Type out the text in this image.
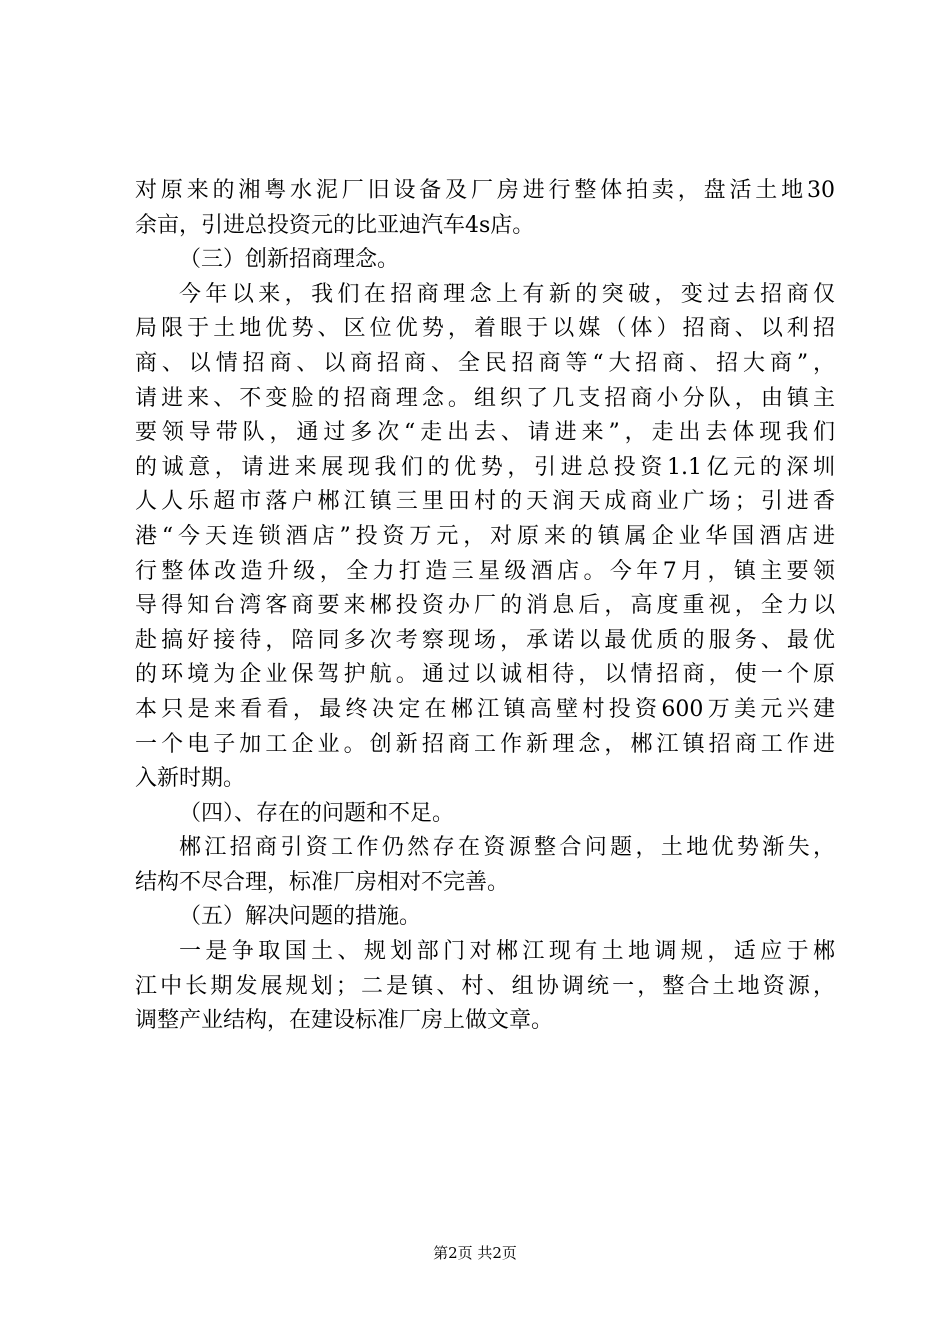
对原来的湘粤水泥厂旧设备及厂房进行整体拍卖，盘活土地30
余亩，引进总投资元的比亚迪汽车4s店。
（三）创新招商理念。
今年以来，我们在招商理念上有新的突破，变过去招商仅
局限于土地优势、区位优势，着眼于以媒（体）招商、以利招
商、以情招商、以商招商、全民招商等“大招商、招大商”，
请进来、不变脸的招商理念。组织了几支招商小分队，由镇主
要领导带队，通过多次“走出去、请进来”，走出去体现我们
的诚意，请进来展现我们的优势，引进总投资1.1亿元的深圳
人人乐超市落户郴江镇三里田村的天润天成商业广场；引进香
港“今天连锁酒店”投资万元，对原来的镇属企业华国酒店进
行整体改造升级，全力打造三星级酒店。今年7月，镇主要领
导得知台湾客商要来郴投资办厂的消息后，高度重视，全力以
赴搞好接待，陪同多次考察现场，承诺以最优质的服务、最优
的环境为企业保驾护航。通过以诚相待，以情招商，使一个原
本只是来看看，最终决定在郴江镇高壁村投资600万美元兴建
一个电子加工企业。创新招商工作新理念，郴江镇招商工作进
入新时期。
（四）、存在的问题和不足。
郴江招商引资工作仍然存在资源整合问题，土地优势渐失，
结构不尽合理，标准厂房相对不完善。
（五）解决问题的措施。
一是争取国土、规划部门对郴江现有土地调规，适应于郴
江中长期发展规划；二是镇、村、组协调统一，整合土地资源，
调整产业结构，在建设标准厂房上做文章。
第2页 共2页
